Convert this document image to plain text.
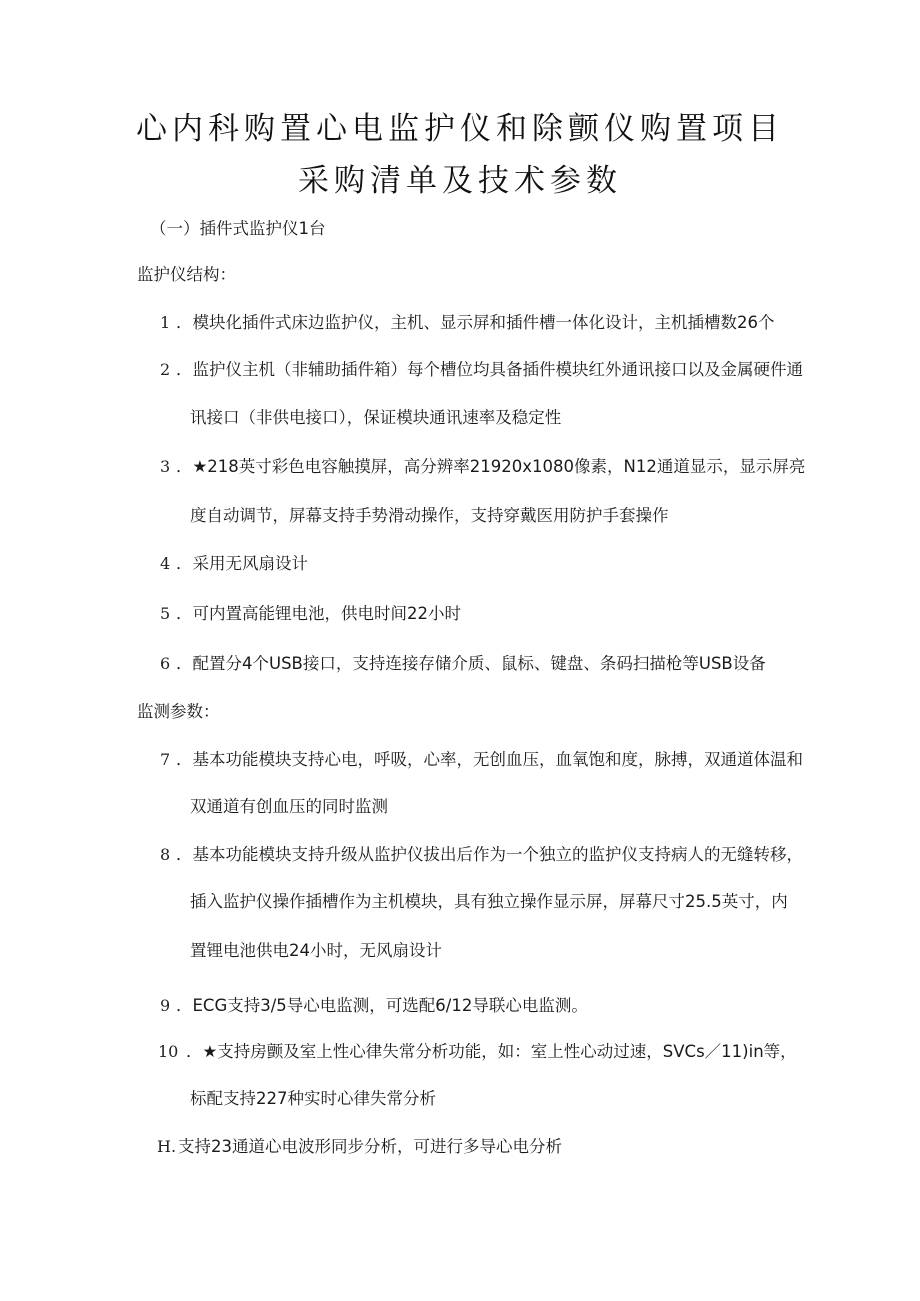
心内科购置心电监护仪和除颤仪购置项目
采购清单及技术参数
（一）插件式监护仪1台
监护仪结构：
1 ．模块化插件式床边监护仪，主机、显示屏和插件槽一体化设计，主机插槽数26个
2 ．监护仪主机（非辅助插件箱）每个槽位均具备插件模块红外通讯接口以及金属硬件通
讯接口（非供电接口），保证模块通讯速率及稳定性
3 ．★218英寸彩色电容触摸屏，高分辨率21920x1080像素，N12通道显示，显示屏亮
度自动调节，屏幕支持手势滑动操作，支持穿戴医用防护手套操作
4 ．采用无风扇设计
5 ．可内置高能锂电池，供电时间22小时
6 ．配置分4个USB接口，支持连接存储介质、鼠标、键盘、条码扫描枪等USB设备
监测参数：
7 ．基本功能模块支持心电，呼吸，心率，无创血压，血氧饱和度，脉搏，双通道体温和
双通道有创血压的同时监测
8 ．基本功能模块支持升级从监护仪拔出后作为一个独立的监护仪支持病人的无缝转移，
插入监护仪操作插槽作为主机模块，具有独立操作显示屏，屏幕尺寸25.5英寸，内
置锂电池供电24小时，无风扇设计
9 ．ECG支持3/5导心电监测，可选配6/12导联心电监测。
10 ．★支持房颤及室上性心律失常分析功能，如：室上性心动过速，SVCs／11)in等，
标配支持227种实时心律失常分析
H. 支持23通道心电波形同步分析，可进行多导心电分析
